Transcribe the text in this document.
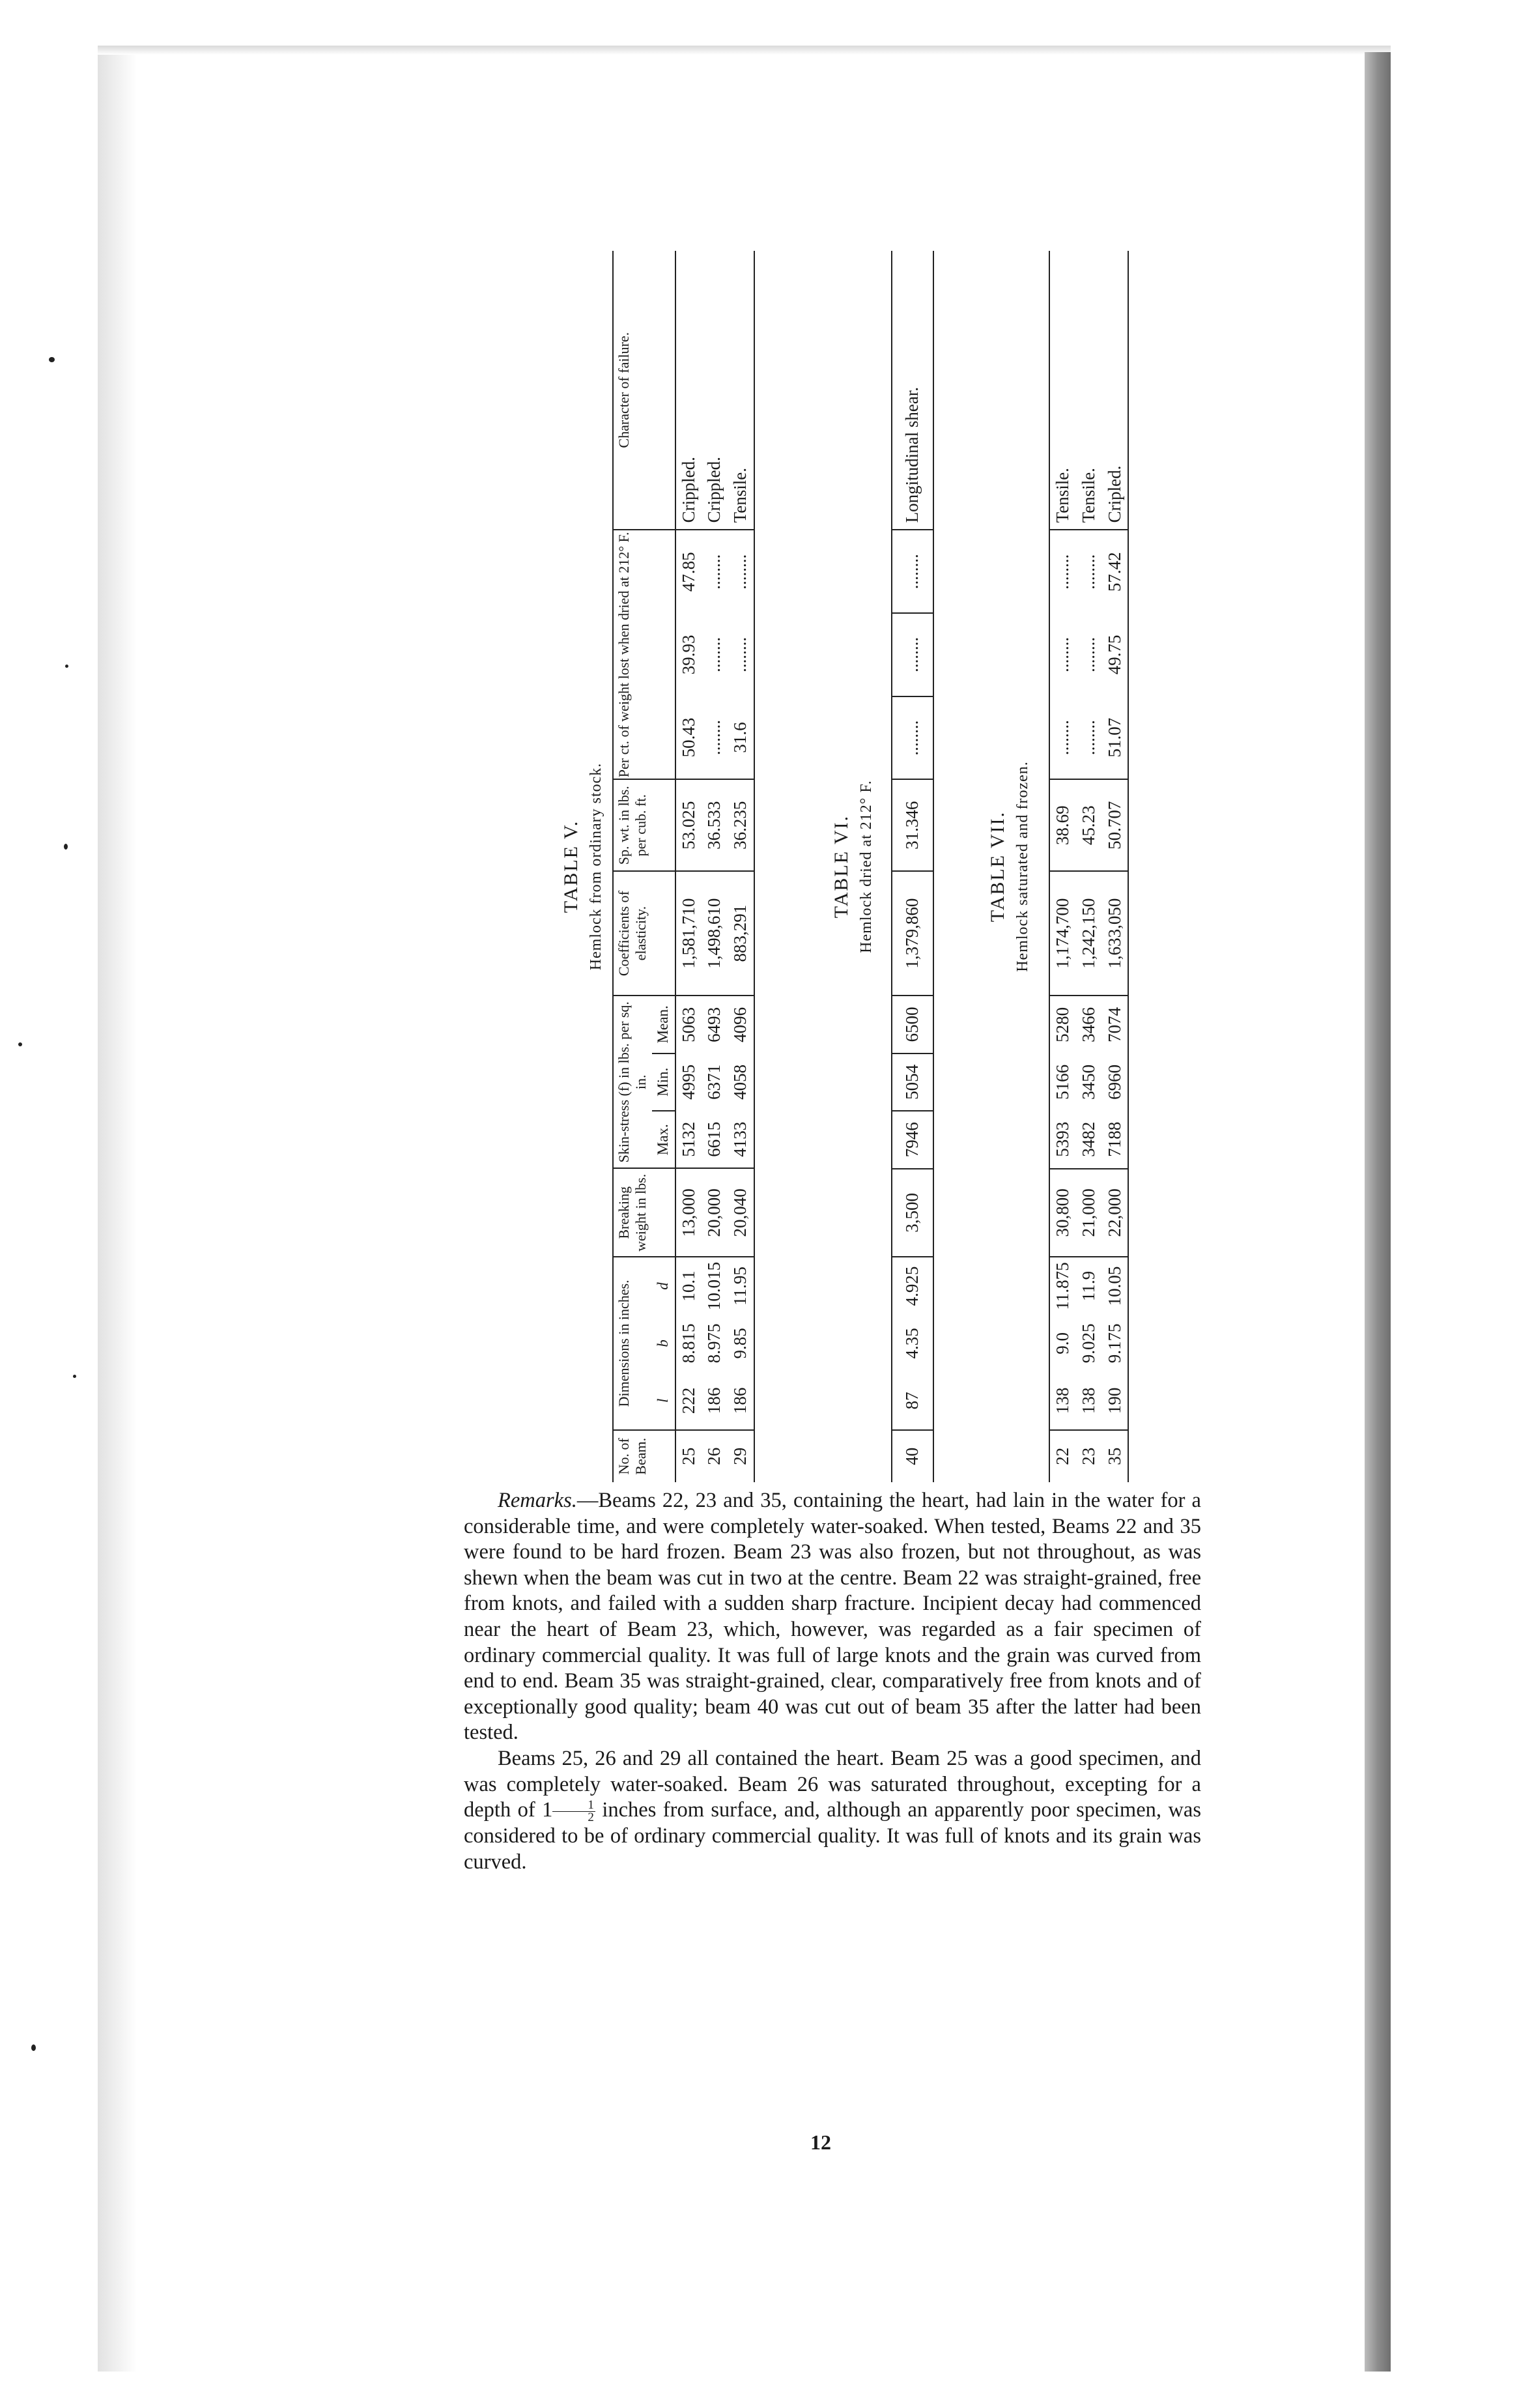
TABLE V. Hemlock from ordinary stock.
No. of Beam.	Dimensions in inches.			Breaking weight in lbs.	Skin-stress (f) in lbs. per sq. in.			Coefficients of elasticity.	Sp. wt. in lbs. per cub. ft.	Per ct. of weight lost when dried at 212° F.			Character of failure.
	l	b	d		Max.	Min.	Mean.						
25	222	8.815	10.1	13,000	5132	4995	5063	1,581,710	53.025	50.43	39.93	47.85	Crippled.
26	186	8.975	10.015	20,000	6615	6371	6493	1,498,610	36.533	........	........	........	Crippled.
29	186	9.85	11.95	20,040	4133	4058	4096	883,291	36.235	31.6	........	........	Tensile.
TABLE VI. Hemlock dried at 212° F.
40	87	4.35	4.925	3,500	7946	5054	6500	1,379,860	31.346	........	........	........	Longitudinal shear.
TABLE VII. Hemlock saturated and frozen.
22	138	9.0	11.875	30,800	5393	5166	5280	1,174,700	38.69	........	........	........	Tensile.
23	138	9.025	11.9	21,000	3482	3450	3466	1,242,150	45.23	........	........	........	Tensile.
35	190	9.175	10.05	22,000	7188	6960	7074	1,633,050	50.707	51.07	49.75	57.42	Cripled.

Remarks.—Beams 22, 23 and 35, containing the heart, had lain in the water for a considerable time, and were completely water-soaked. When tested, Beams 22 and 35 were found to be hard frozen. Beam 23 was also frozen, but not throughout, as was shewn when the beam was cut in two at the centre. Beam 22 was straight-grained, free from knots, and failed with a sudden sharp fracture. Incipient decay had commenced near the heart of Beam 23, which, however, was regarded as a fair specimen of ordinary commercial quality. It was full of large knots and the grain was curved from end to end. Beam 35 was straight-grained, clear, comparatively free from knots and of exceptionally good quality; beam 40 was cut out of beam 35 after the latter had been tested.

Beams 25, 26 and 29 all contained the heart. Beam 25 was a good specimen, and was completely water-soaked. Beam 26 was saturated throughout, excepting for a depth of $1 \frac{1}{2}$ inches from surface, and, although an apparently poor specimen, was considered to be of ordinary commercial quality. It was full of knots and its grain was curved.

12
